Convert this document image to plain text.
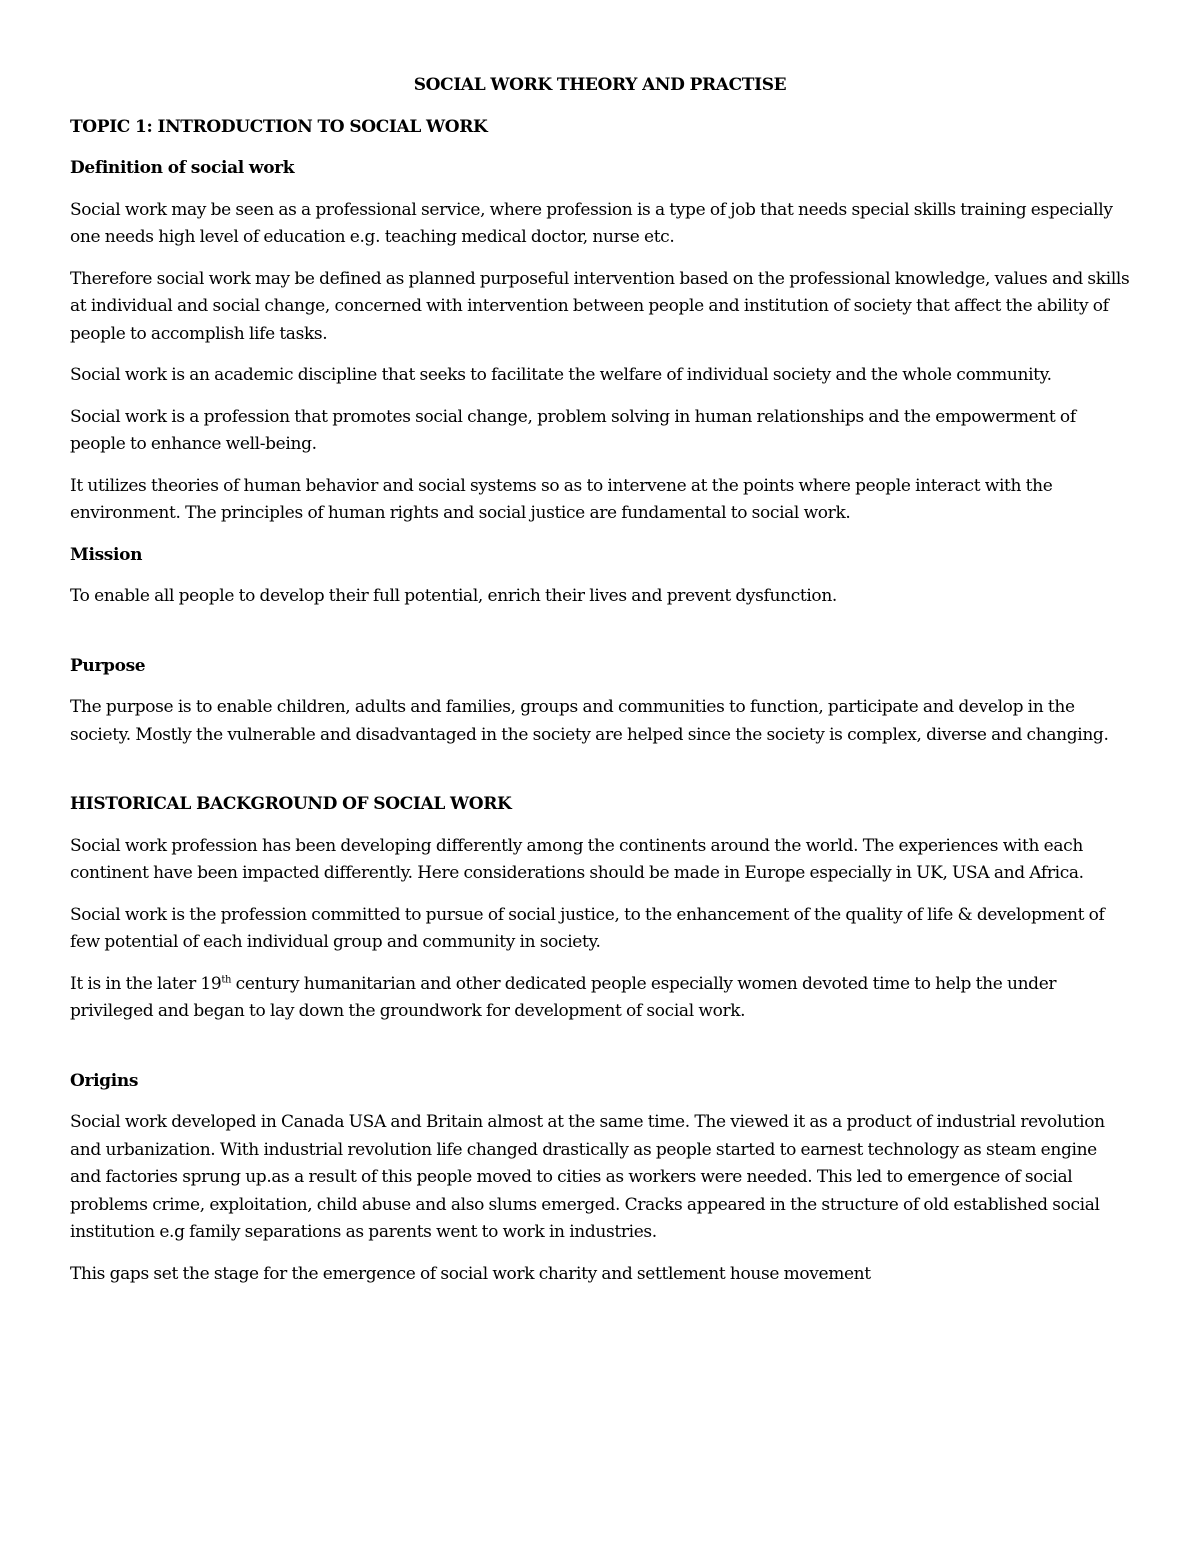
SOCIAL WORK THEORY AND PRACTISE
TOPIC 1: INTRODUCTION TO SOCIAL WORK
Definition of social work

Social work may be seen as a professional service, where profession is a type of job that needs special skills training especially one needs high level of education e.g. teaching medical doctor, nurse etc.

Therefore social work may be defined as planned purposeful intervention based on the professional knowledge, values and skills at individual and social change, concerned with intervention between people and institution of society that affect the ability of people to accomplish life tasks.

Social work is an academic discipline that seeks to facilitate the welfare of individual society and the whole community.

Social work is a profession that promotes social change, problem solving in human relationships and the empowerment of people to enhance well-being.

It utilizes theories of human behavior and social systems so as to intervene at the points where people interact with the environment. The principles of human rights and social justice are fundamental to social work.

Mission

To enable all people to develop their full potential, enrich their lives and prevent dysfunction.

Purpose

The purpose is to enable children, adults and families, groups and communities to function, participate and develop in the society. Mostly the vulnerable and disadvantaged in the society are helped since the society is complex, diverse and changing.

HISTORICAL BACKGROUND OF SOCIAL WORK

Social work profession has been developing differently among the continents around the world. The experiences with each continent have been impacted differently. Here considerations should be made in Europe especially in UK, USA and Africa.

Social work is the profession committed to pursue of social justice, to the enhancement of the quality of life & development of few potential of each individual group and community in society.

It is in the later 19th century humanitarian and other dedicated people especially women devoted time to help the under privileged and began to lay down the groundwork for development of social work.

Origins

Social work developed in Canada USA and Britain almost at the same time. The viewed it as a product of industrial revolution and urbanization. With industrial revolution life changed drastically as people started to earnest technology as steam engine and factories sprung up.as a result of this people moved to cities as workers were needed. This led to emergence of social problems crime, exploitation, child abuse and also slums emerged. Cracks appeared in the structure of old established social institution e.g family separations as parents went to work in industries.

This gaps set the stage for the emergence of social work charity and settlement house movement
